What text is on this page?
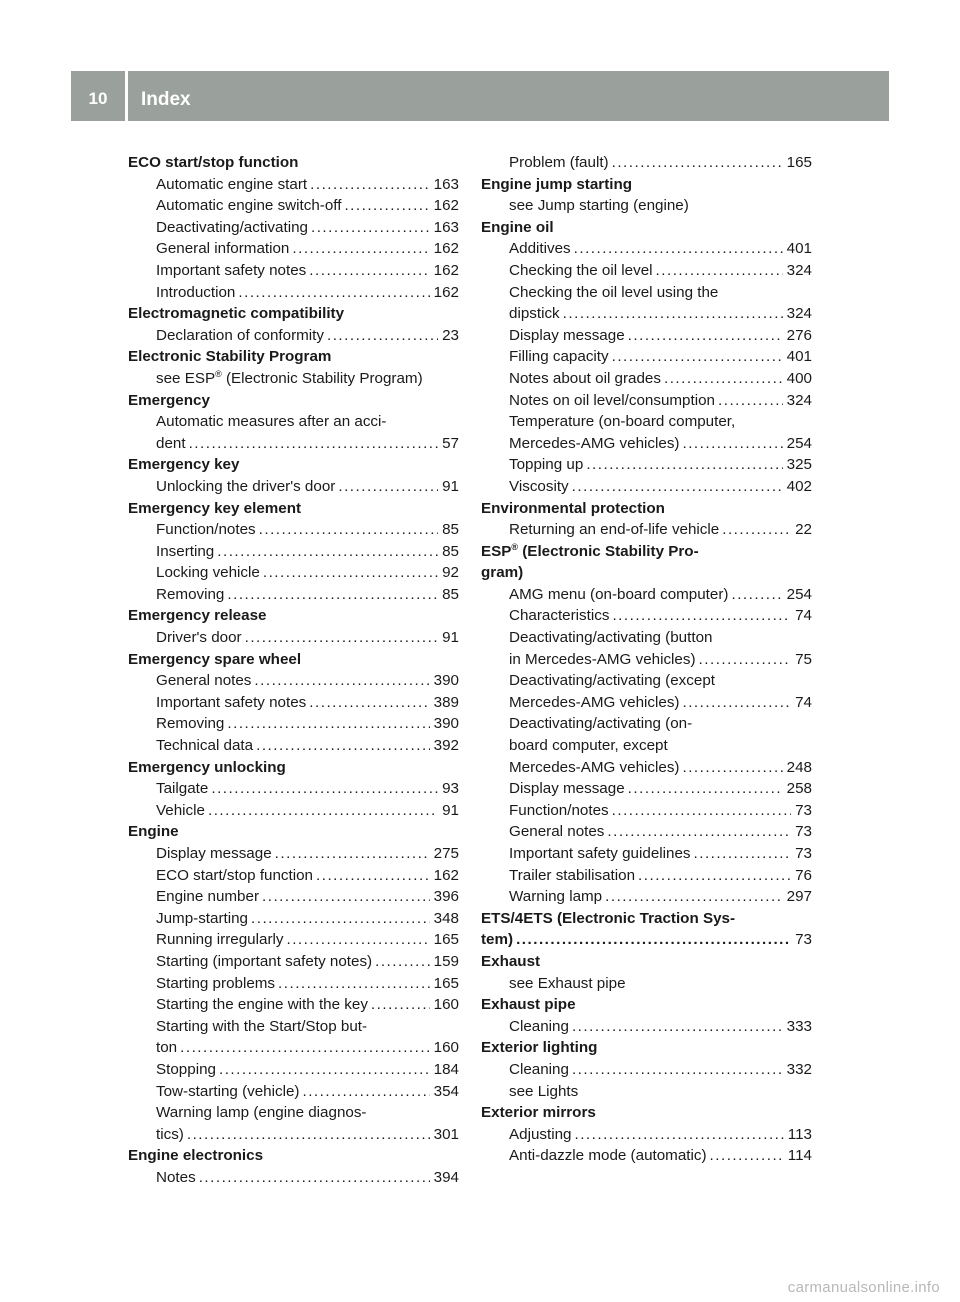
10	Index
ECO start/stop function
Automatic engine start .....	163
Automatic engine switch-off .....	162
Deactivating/activating .....	163
General information .....	162
Important safety notes .....	162
Introduction .....	162
Electromagnetic compatibility
Declaration of conformity .....	23
Electronic Stability Program
see ESP® (Electronic Stability Program)
Emergency
Automatic measures after an acci-
dent .....	57
Emergency key
Unlocking the driver's door .....	91
Emergency key element
Function/notes .....	85
Inserting .....	85
Locking vehicle .....	92
Removing .....	85
Emergency release
Driver's door .....	91
Emergency spare wheel
General notes .....	390
Important safety notes .....	389
Removing .....	390
Technical data .....	392
Emergency unlocking
Tailgate .....	93
Vehicle .....	91
Engine
Display message .....	275
ECO start/stop function .....	162
Engine number .....	396
Jump-starting .....	348
Running irregularly .....	165
Starting (important safety notes) .....	159
Starting problems .....	165
Starting the engine with the key .....	160
Starting with the Start/Stop but-
ton .....	160
Stopping .....	184
Tow-starting (vehicle) .....	354
Warning lamp (engine diagnos-
tics) .....	301
Engine electronics
Notes .....	394
Problem (fault) .....	165
Engine jump starting
see Jump starting (engine)
Engine oil
Additives .....	401
Checking the oil level .....	324
Checking the oil level using the
dipstick .....	324
Display message .....	276
Filling capacity .....	401
Notes about oil grades .....	400
Notes on oil level/consumption .....	324
Temperature (on-board computer,
Mercedes-AMG vehicles) .....	254
Topping up .....	325
Viscosity .....	402
Environmental protection
Returning an end-of-life vehicle .....	22
ESP® (Electronic Stability Pro-
gram)
AMG menu (on-board computer) .....	254
Characteristics .....	74
Deactivating/activating (button
in Mercedes-AMG vehicles) .....	75
Deactivating/activating (except
Mercedes-AMG vehicles) .....	74
Deactivating/activating (on-
board computer, except
Mercedes-AMG vehicles) .....	248
Display message .....	258
Function/notes .....	73
General notes .....	73
Important safety guidelines .....	73
Trailer stabilisation .....	76
Warning lamp .....	297
ETS/4ETS (Electronic Traction Sys-
tem) .....	73
Exhaust
see Exhaust pipe
Exhaust pipe
Cleaning .....	333
Exterior lighting
Cleaning .....	332
see Lights
Exterior mirrors
Adjusting .....	113
Anti-dazzle mode (automatic) .....	114
carmanualsonline.info
